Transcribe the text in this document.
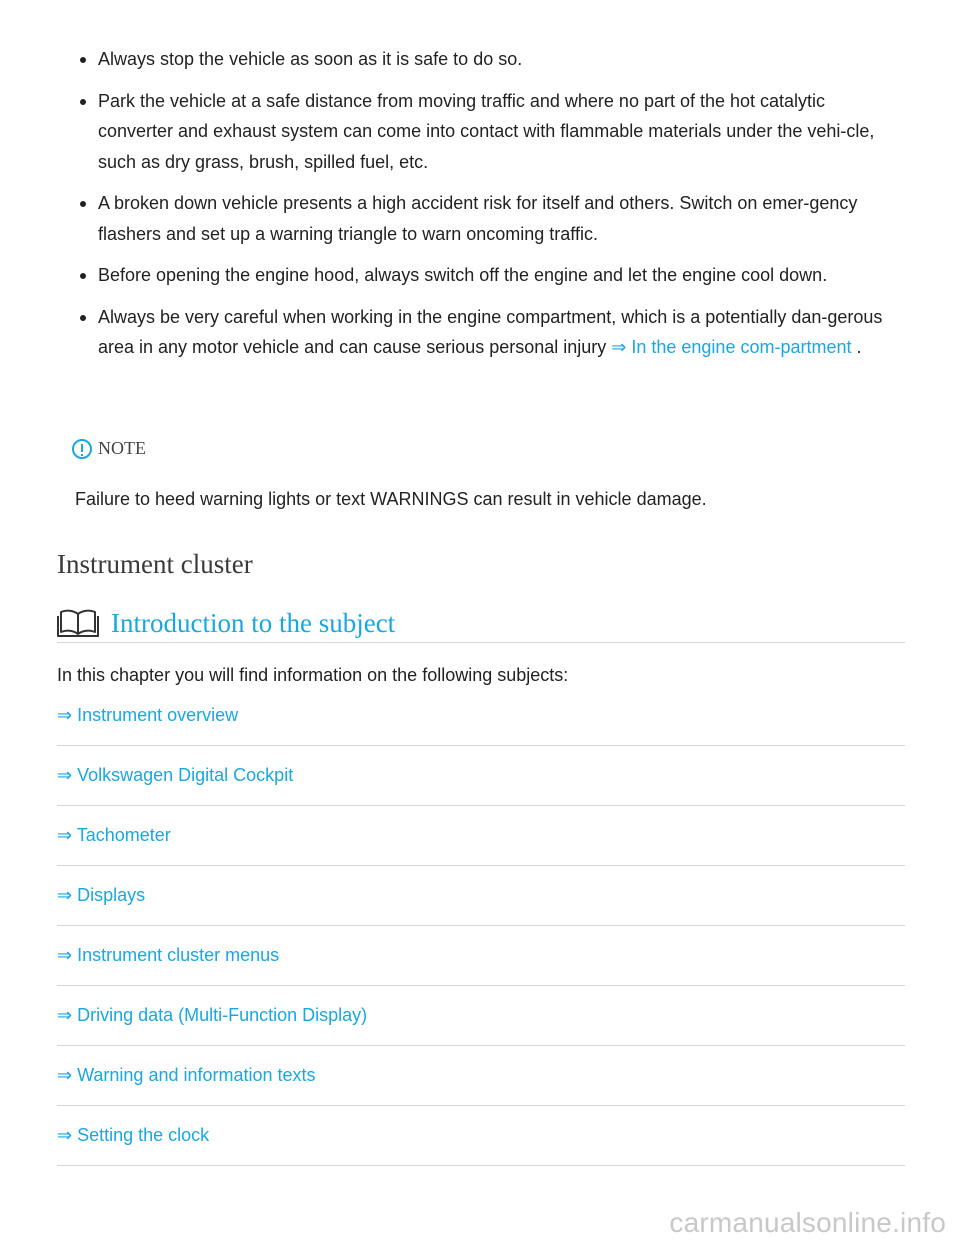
Always stop the vehicle as soon as it is safe to do so.
Park the vehicle at a safe distance from moving traffic and where no part of the hot catalytic converter and exhaust system can come into contact with flammable materials under the vehi-cle, such as dry grass, brush, spilled fuel, etc.
A broken down vehicle presents a high accident risk for itself and others. Switch on emer-gency flashers and set up a warning triangle to warn oncoming traffic.
Before opening the engine hood, always switch off the engine and let the engine cool down.
Always be very careful when working in the engine compartment, which is a potentially dan-gerous area in any motor vehicle and can cause serious personal injury ⇒ In the engine com-partment .
NOTE
Failure to heed warning lights or text WARNINGS can result in vehicle damage.
Instrument cluster
Introduction to the subject
In this chapter you will find information on the following subjects:
⇒ Instrument overview
⇒ Volkswagen Digital Cockpit
⇒ Tachometer
⇒ Displays
⇒ Instrument cluster menus
⇒ Driving data (Multi-Function Display)
⇒ Warning and information texts
⇒ Setting the clock
carmanualsonline.info
